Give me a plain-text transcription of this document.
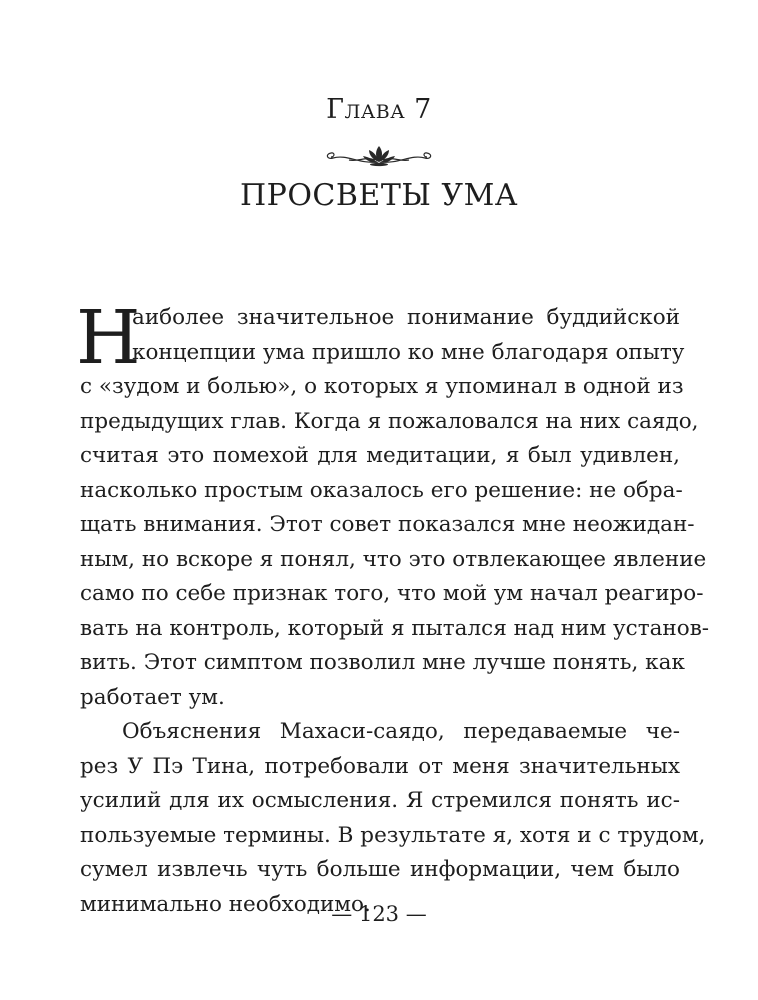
Глава 7
ПРОСВЕТЫ УМА
Н
аиболее значительное понимание буддийской
концепции ума пришло ко мне благодаря опыту
с «зудом и болью», о которых я упоминал в одной из
предыдущих глав. Когда я пожаловался на них саядо,
считая это помехой для медитации, я был удивлен,
насколько простым оказалось его решение: не обра-
щать внимания. Этот совет показался мне неожидан-
ным, но вскоре я понял, что это отвлекающее явление
само по себе признак того, что мой ум начал реагиро-
вать на контроль, который я пытался над ним установ-
вить. Этот симптом позволил мне лучше понять, как
работает ум.
Объяснения Махаси-саядо, передаваемые че-
рез У Пэ Тина, потребовали от меня значительных
усилий для их осмысления. Я стремился понять ис-
пользуемые термины. В результате я, хотя и с трудом,
сумел извлечь чуть больше информации, чем было
минимально необходимо.
— 123 —
